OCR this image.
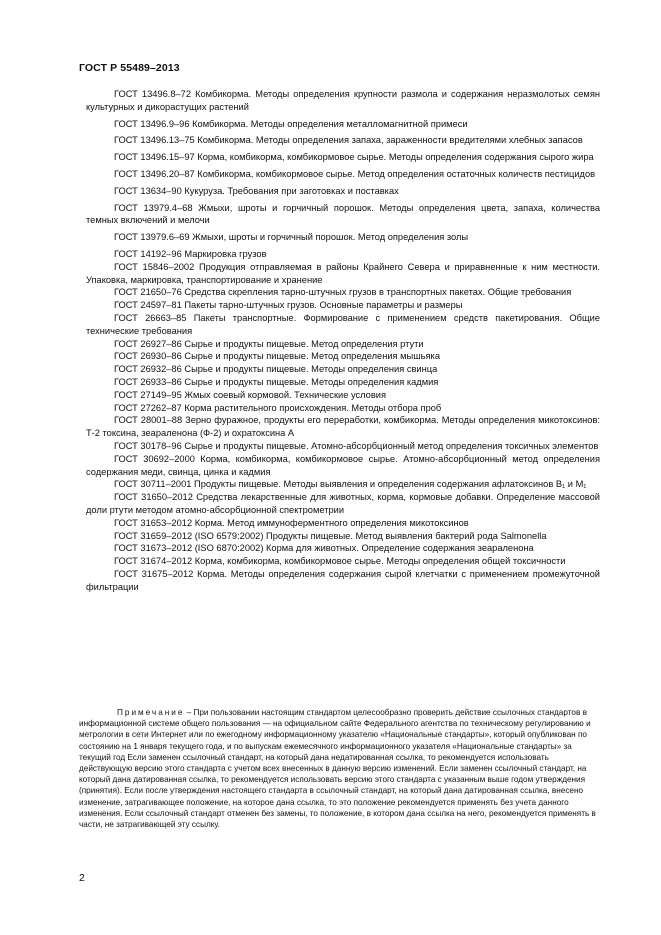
ГОСТ Р 55489–2013

ГОСТ 13496.8–72 Комбикорма. Методы определения крупности размола и содержания неразмолотых семян культурных и дикорастущих растений

ГОСТ 13496.9–96 Комбикорма. Методы определения металломагнитной примеси

ГОСТ 13496.13–75 Комбикорма. Методы определения запаха, зараженности вредителями хлебных запасов

ГОСТ 13496.15–97 Корма, комбикорма, комбикормовое сырье. Методы определения содержания сырого жира

ГОСТ 13496.20–87 Комбикорма, комбикормовое сырье. Метод определения остаточных количеств пестицидов

ГОСТ 13634–90 Кукуруза. Требования при заготовках и поставках

ГОСТ 13979.4–68 Жмыхи, шроты и горчичный порошок. Методы определения цвета, запаха, количества темных включений и мелочи

ГОСТ 13979.6–69 Жмыхи, шроты и горчичный порошок. Метод определения золы

ГОСТ 14192–96 Маркировка грузов

ГОСТ 15846–2002 Продукция отправляемая в районы Крайнего Севера и приравненные к ним местности. Упаковка, маркировка, транспортирование и хранение

ГОСТ 21650–76 Средства скрепления тарно-штучных грузов в транспортных пакетах. Общие требования

ГОСТ 24597–81 Пакеты тарно-штучных грузов. Основные параметры и размеры

ГОСТ 26663–85 Пакеты транспортные. Формирование с применением средств пакетирования. Общие технические требования

ГОСТ 26927–86 Сырье и продукты пищевые. Метод определения ртути

ГОСТ 26930–86 Сырье и продукты пищевые. Метод определения мышьяка

ГОСТ 26932–86 Сырье и продукты пищевые. Методы определения свинца

ГОСТ 26933–86 Сырье и продукты пищевые. Методы определения кадмия

ГОСТ 27149–95 Жмых соевый кормовой. Технические условия

ГОСТ 27262–87 Корма растительного происхождения. Методы отбора проб

ГОСТ 28001–88 Зерно фуражное, продукты его переработки, комбикорма. Методы определения микотоксинов: Т-2 токсина, зеараленона (Ф-2) и охратоксина А

ГОСТ 30178–96 Сырье и продукты пищевые. Атомно-абсорбционный метод определения токсичных элементов

ГОСТ 30692–2000 Корма, комбикорма, комбикормовое сырье. Атомно-абсорбционный метод определения содержания меди, свинца, цинка и кадмия

ГОСТ 30711–2001 Продукты пищевые. Методы выявления и определения содержания афлатоксинов B₁ и M₁

ГОСТ 31650–2012 Средства лекарственные для животных, корма, кормовые добавки. Определение массовой доли ртути методом атомно-абсорбционной спектрометрии

ГОСТ 31653–2012 Корма. Метод иммуноферментного определения микотоксинов

ГОСТ 31659–2012 (ISO 6579:2002) Продукты пищевые. Метод выявления бактерий рода Salmonella

ГОСТ 31673–2012 (ISO 6870:2002) Корма для животных. Определение содержания зеараленона

ГОСТ 31674–2012 Корма, комбикорма, комбикормовое сырье. Методы определения общей токсичности

ГОСТ 31675–2012 Корма. Методы определения содержания сырой клетчатки с применением промежуточной фильтрации

Примечание – При пользовании настоящим стандартом целесообразно проверить действие ссылочных стандартов в информационной системе общего пользования — на официальном сайте Федерального агентства по техническому регулированию и метрологии в сети Интернет или по ежегодному информационному указателю «Национальные стандарты», который опубликован по состоянию на 1 января текущего года, и по выпускам ежемесячного информационного указателя «Национальные стандарты» за текущий год Если заменен ссылочный стандарт, на который дана недатированная ссылка, то рекомендуется использовать действующую версию этого стандарта с учетом всех внесенных в данную версию изменений. Если заменен ссылочный стандарт, на который дана датированная ссылка, то рекомендуется использовать версию этого стандарта с указанным выше годом утверждения (принятия). Если после утверждения настоящего стандарта в ссылочный стандарт, на который дана датированная ссылка, внесено изменение, затрагивающее положение, на которое дана ссылка, то это положение рекомендуется применять без учета данного изменения. Если ссылочный стандарт отменен без замены, то положение, в котором дана ссылка на него, рекомендуется применять в части, не затрагивающей эту ссылку.

2
